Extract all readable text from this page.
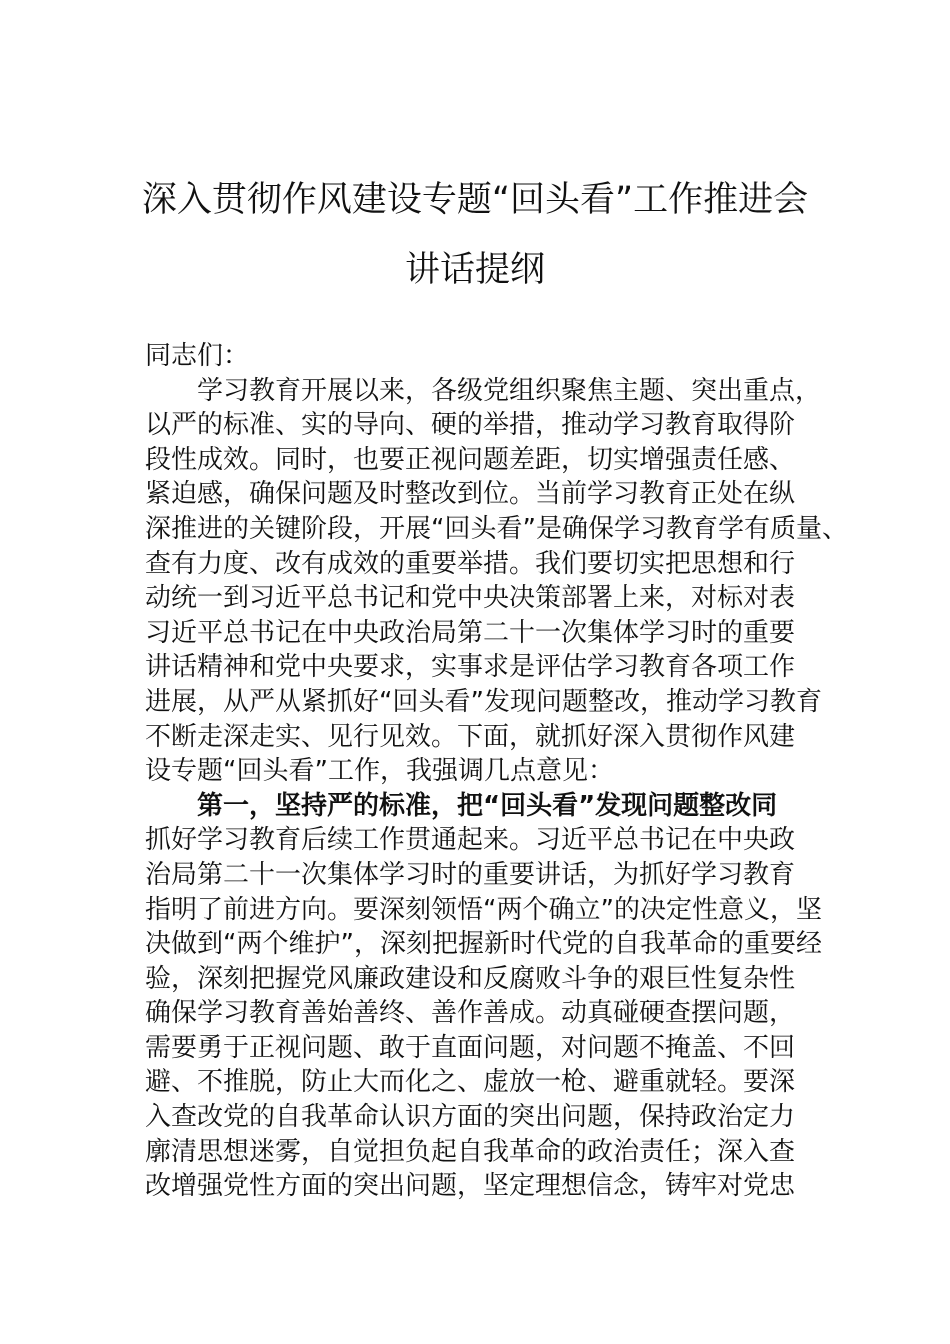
深入贯彻作风建设专题“回头看”工作推进会
讲话提纲
同志们：
学习教育开展以来，各级党组织聚焦主题、突出重点，
以严的标准、实的导向、硬的举措，推动学习教育取得阶
段性成效。同时，也要正视问题差距，切实增强责任感、
紧迫感，确保问题及时整改到位。当前学习教育正处在纵
深推进的关键阶段，开展“回头看”是确保学习教育学有质量、
查有力度、改有成效的重要举措。我们要切实把思想和行
动统一到习近平总书记和党中央决策部署上来，对标对表
习近平总书记在中央政治局第二十一次集体学习时的重要
讲话精神和党中央要求，实事求是评估学习教育各项工作
进展，从严从紧抓好“回头看”发现问题整改，推动学习教育
不断走深走实、见行见效。下面，就抓好深入贯彻作风建
设专题“回头看”工作，我强调几点意见：
第一，坚持严的标准，把“回头看”发现问题整改同
抓好学习教育后续工作贯通起来。习近平总书记在中央政
治局第二十一次集体学习时的重要讲话，为抓好学习教育
指明了前进方向。要深刻领悟“两个确立”的决定性意义，坚
决做到“两个维护”，深刻把握新时代党的自我革命的重要经
验，深刻把握党风廉政建设和反腐败斗争的艰巨性复杂性
确保学习教育善始善终、善作善成。动真碰硬查摆问题，
需要勇于正视问题、敢于直面问题，对问题不掩盖、不回
避、不推脱，防止大而化之、虚放一枪、避重就轻。要深
入查改党的自我革命认识方面的突出问题，保持政治定力
廓清思想迷雾，自觉担负起自我革命的政治责任；深入查
改增强党性方面的突出问题，坚定理想信念，铸牢对党忠
